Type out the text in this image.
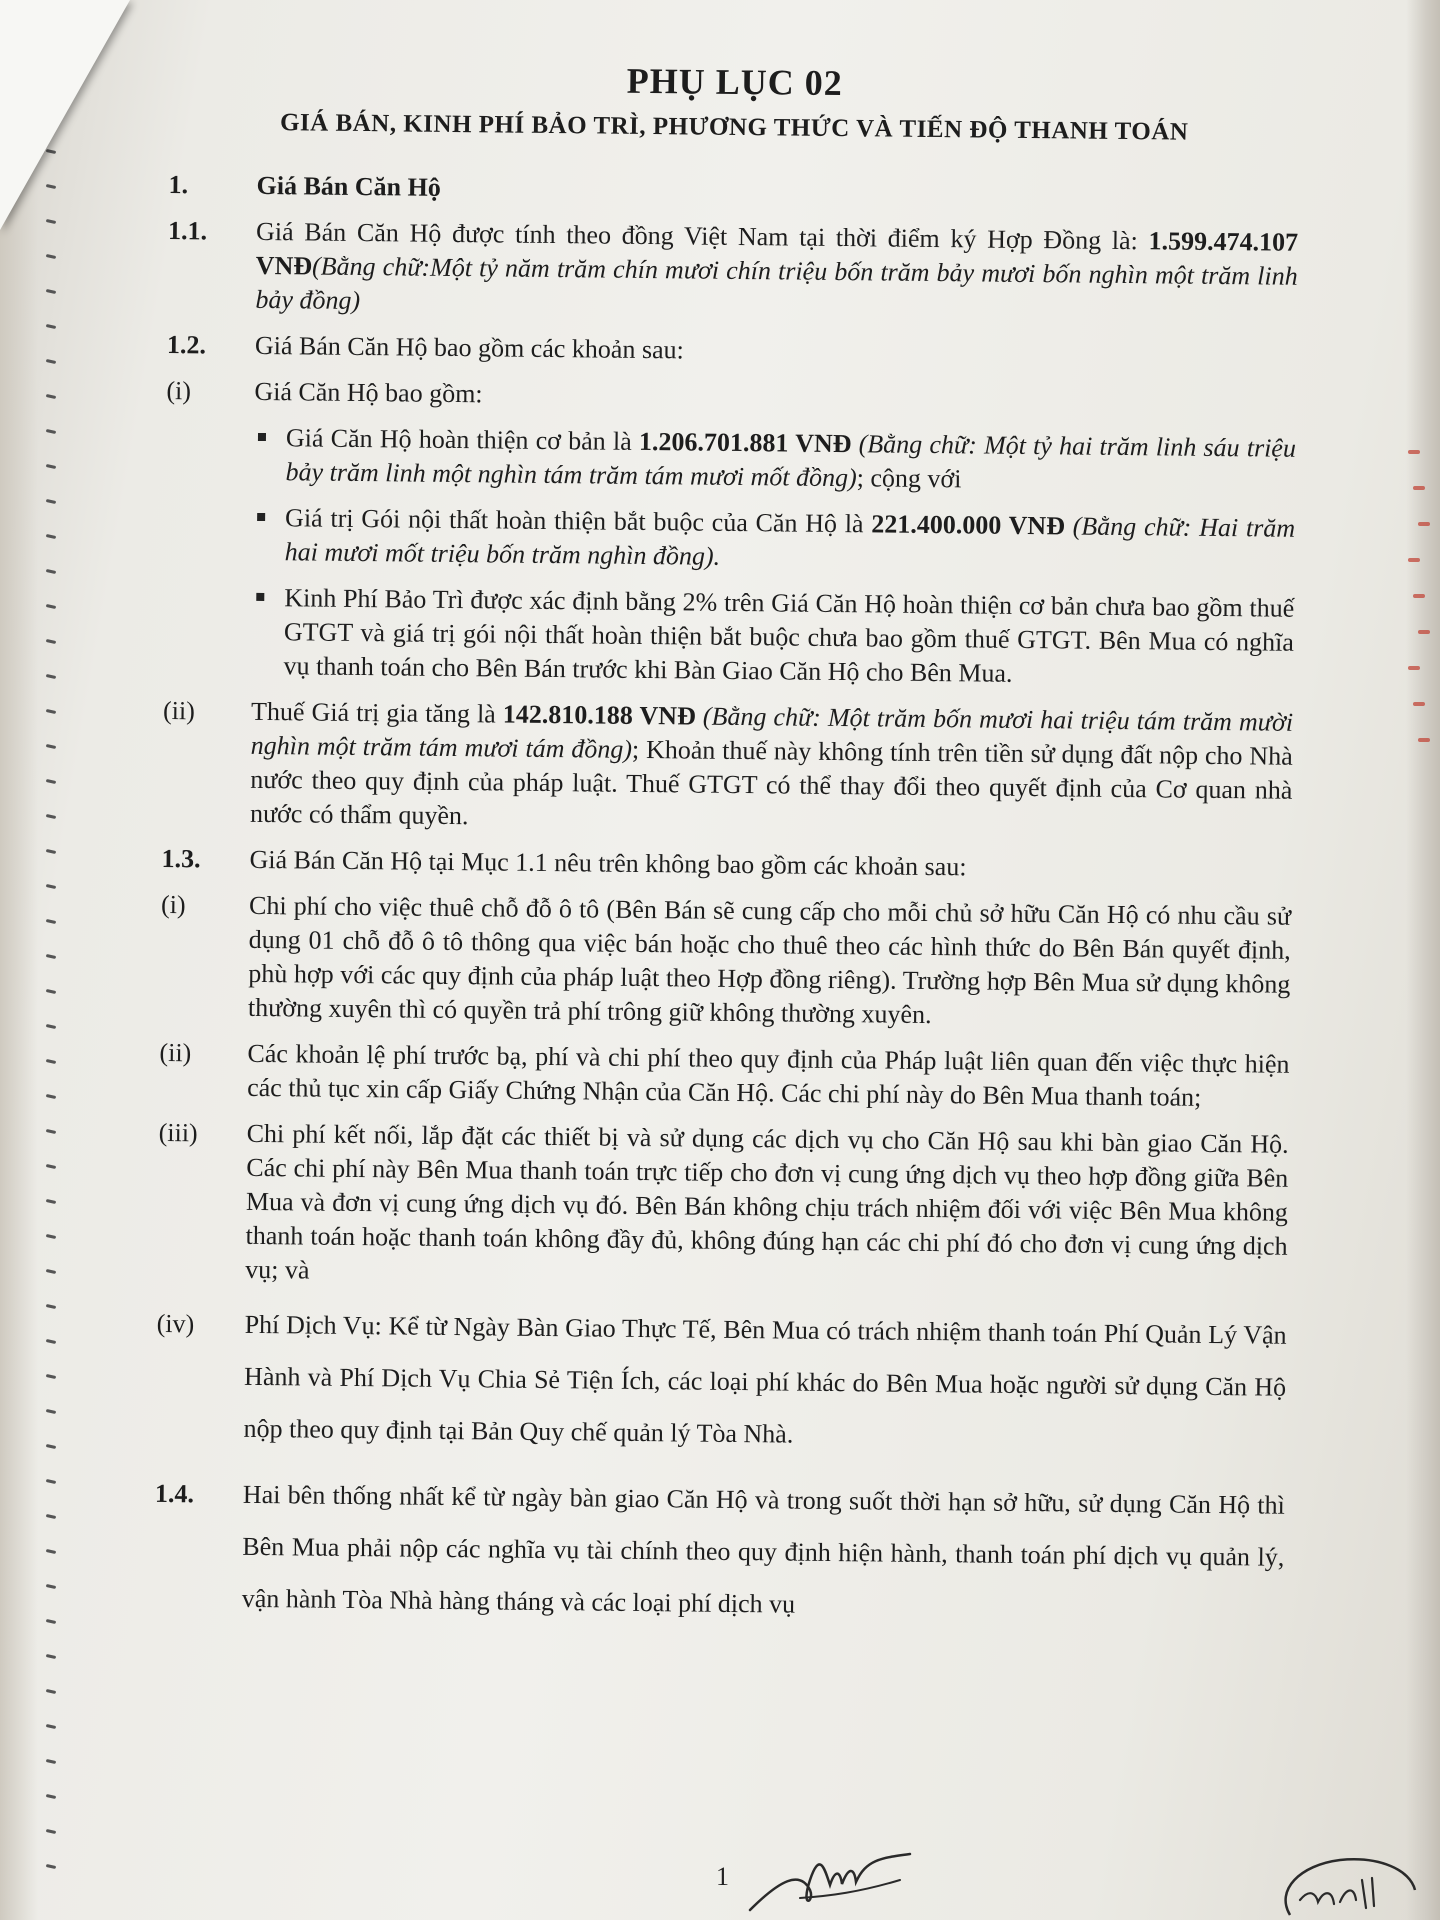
PHỤ LỤC 02
GIÁ BÁN, KINH PHÍ BẢO TRÌ, PHƯƠNG THỨC VÀ TIẾN ĐỘ THANH TOÁN
1.	Giá Bán Căn Hộ
1.1.	Giá Bán Căn Hộ được tính theo đồng Việt Nam tại thời điểm ký Hợp Đồng là: 1.599.474.107 VNĐ(Bằng chữ:Một tỷ năm trăm chín mươi chín triệu bốn trăm bảy mươi bốn nghìn một trăm linh bảy đồng)
1.2.	Giá Bán Căn Hộ bao gồm các khoản sau:
(i)	Giá Căn Hộ bao gồm:
Giá Căn Hộ hoàn thiện cơ bản là 1.206.701.881 VNĐ (Bằng chữ: Một tỷ hai trăm linh sáu triệu bảy trăm linh một nghìn tám trăm tám mươi mốt đồng); cộng với
Giá trị Gói nội thất hoàn thiện bắt buộc của Căn Hộ là 221.400.000 VNĐ (Bằng chữ: Hai trăm hai mươi mốt triệu bốn trăm nghìn đồng).
Kinh Phí Bảo Trì được xác định bằng 2% trên Giá Căn Hộ hoàn thiện cơ bản chưa bao gồm thuế GTGT và giá trị gói nội thất hoàn thiện bắt buộc chưa bao gồm thuế GTGT. Bên Mua có nghĩa vụ thanh toán cho Bên Bán trước khi Bàn Giao Căn Hộ cho Bên Mua.
(ii)	Thuế Giá trị gia tăng là 142.810.188 VNĐ (Bằng chữ: Một trăm bốn mươi hai triệu tám trăm mười nghìn một trăm tám mươi tám đồng); Khoản thuế này không tính trên tiền sử dụng đất nộp cho Nhà nước theo quy định của pháp luật. Thuế GTGT có thể thay đổi theo quyết định của Cơ quan nhà nước có thẩm quyền.
1.3.	Giá Bán Căn Hộ tại Mục 1.1 nêu trên không bao gồm các khoản sau:
(i)	Chi phí cho việc thuê chỗ đỗ ô tô (Bên Bán sẽ cung cấp cho mỗi chủ sở hữu Căn Hộ có nhu cầu sử dụng 01 chỗ đỗ ô tô thông qua việc bán hoặc cho thuê theo các hình thức do Bên Bán quyết định, phù hợp với các quy định của pháp luật theo Hợp đồng riêng). Trường hợp Bên Mua sử dụng không thường xuyên thì có quyền trả phí trông giữ không thường xuyên.
(ii)	Các khoản lệ phí trước bạ, phí và chi phí theo quy định của Pháp luật liên quan đến việc thực hiện các thủ tục xin cấp Giấy Chứng Nhận của Căn Hộ. Các chi phí này do Bên Mua thanh toán;
(iii)	Chi phí kết nối, lắp đặt các thiết bị và sử dụng các dịch vụ cho Căn Hộ sau khi bàn giao Căn Hộ. Các chi phí này Bên Mua thanh toán trực tiếp cho đơn vị cung ứng dịch vụ theo hợp đồng giữa Bên Mua và đơn vị cung ứng dịch vụ đó. Bên Bán không chịu trách nhiệm đối với việc Bên Mua không thanh toán hoặc thanh toán không đầy đủ, không đúng hạn các chi phí đó cho đơn vị cung ứng dịch vụ; và
(iv)	Phí Dịch Vụ: Kể từ Ngày Bàn Giao Thực Tế, Bên Mua có trách nhiệm thanh toán Phí Quản Lý Vận Hành và Phí Dịch Vụ Chia Sẻ Tiện Ích, các loại phí khác do Bên Mua hoặc người sử dụng Căn Hộ nộp theo quy định tại Bản Quy chế quản lý Tòa Nhà.
1.4.	Hai bên thống nhất kể từ ngày bàn giao Căn Hộ và trong suốt thời hạn sở hữu, sử dụng Căn Hộ thì Bên Mua phải nộp các nghĩa vụ tài chính theo quy định hiện hành, thanh toán phí dịch vụ quản lý, vận hành Tòa Nhà hàng tháng và các loại phí dịch vụ
1
